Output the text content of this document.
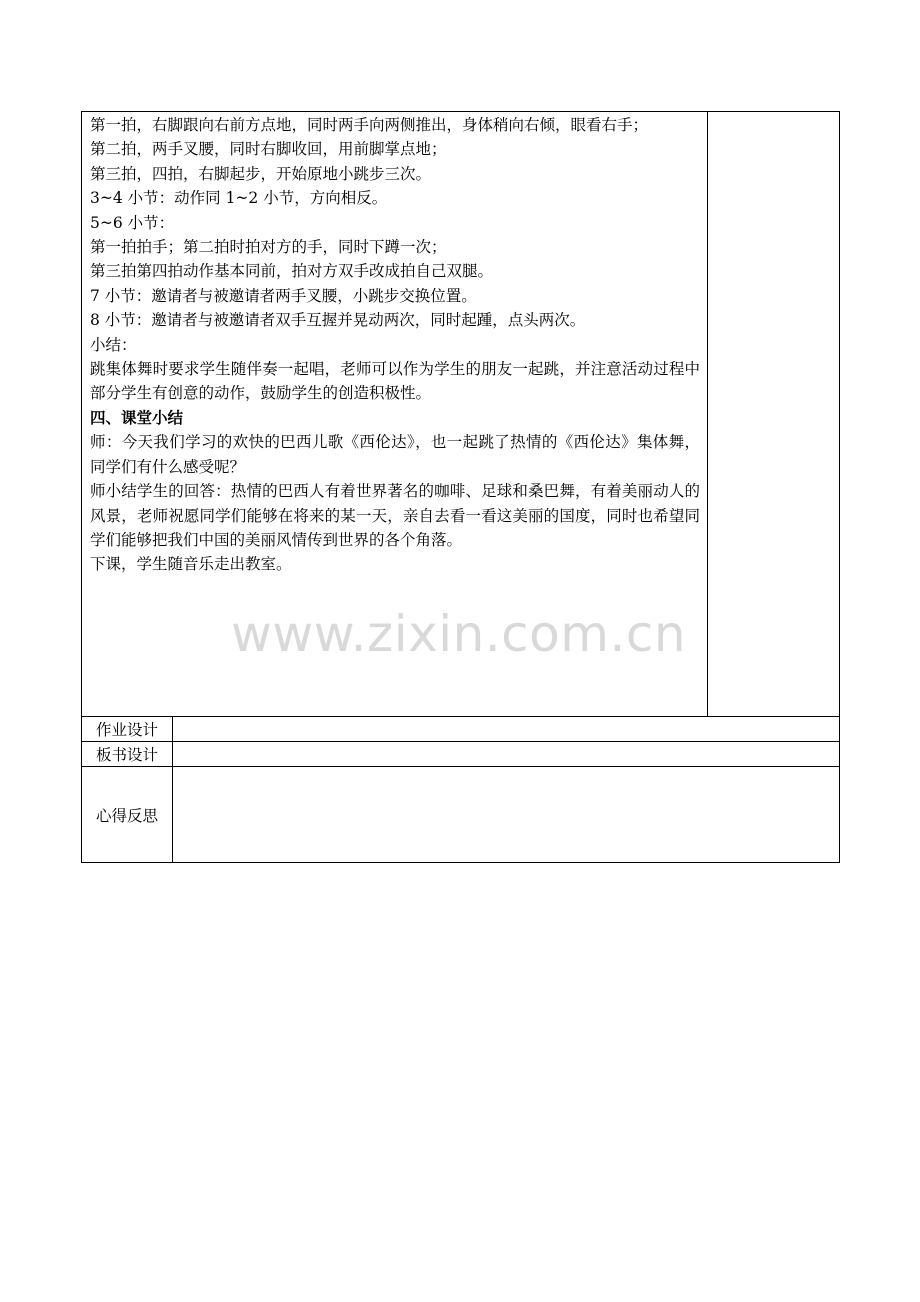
第一拍，右脚跟向右前方点地，同时两手向两侧推出，身体稍向右倾，眼看右手；

第二拍，两手叉腰，同时右脚收回，用前脚掌点地；

第三拍，四拍，右脚起步，开始原地小跳步三次。

3~4 小节：动作同 1~2 小节，方向相反。

5~6 小节：

第一拍拍手；第二拍时拍对方的手，同时下蹲一次；

第三拍第四拍动作基本同前，拍对方双手改成拍自己双腿。

7 小节：邀请者与被邀请者两手叉腰，小跳步交换位置。

8 小节：邀请者与被邀请者双手互握并晃动两次，同时起踵，点头两次。

小结：

跳集体舞时要求学生随伴奏一起唱，老师可以作为学生的朋友一起跳，并注意活动过程中部分学生有创意的动作，鼓励学生的创造积极性。

四、课堂小结

师：今天我们学习的欢快的巴西儿歌《西伦达》，也一起跳了热情的《西伦达》集体舞，同学们有什么感受呢？

师小结学生的回答：热情的巴西人有着世界著名的咖啡、足球和桑巴舞，有着美丽动人的风景，老师祝愿同学们能够在将来的某一天，亲自去看一看这美丽的国度，同时也希望同学们能够把我们中国的美丽风情传到世界的各个角落。

下课，学生随音乐走出教室。

作业设计
板书设计
心得反思
www.zixin.com.cn
